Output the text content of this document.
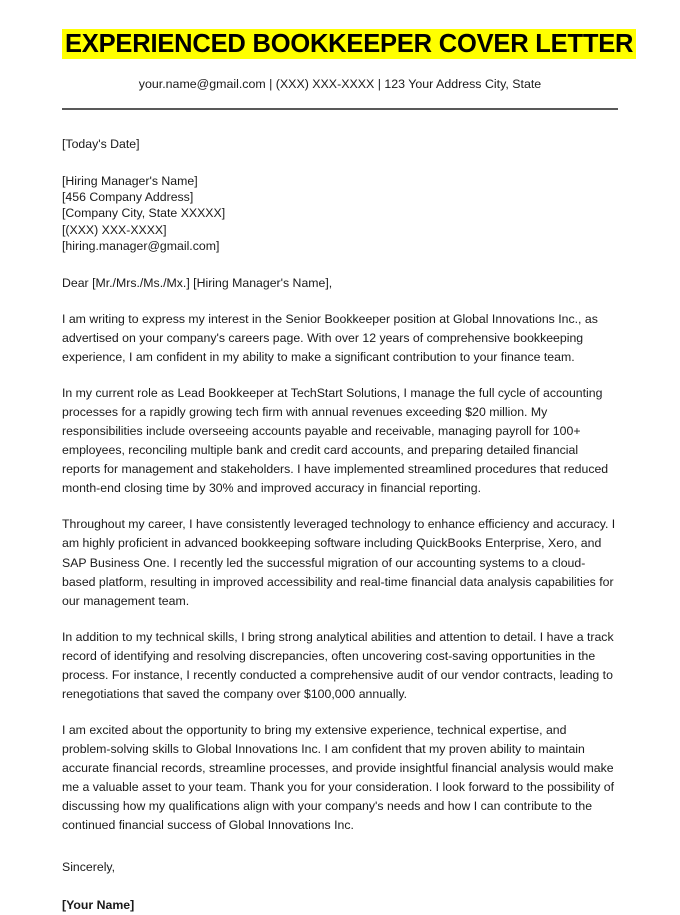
EXPERIENCED BOOKKEEPER COVER LETTER
your.name@gmail.com | (XXX) XXX-XXXX | 123 Your Address City, State

[Today's Date]

[Hiring Manager's Name]
[456 Company Address]
[Company City, State XXXXX]
[(XXX) XXX-XXXX]
[hiring.manager@gmail.com]

Dear [Mr./Mrs./Ms./Mx.] [Hiring Manager's Name],

I am writing to express my interest in the Senior Bookkeeper position at Global Innovations Inc., as advertised on your company's careers page. With over 12 years of comprehensive bookkeeping experience, I am confident in my ability to make a significant contribution to your finance team.

In my current role as Lead Bookkeeper at TechStart Solutions, I manage the full cycle of accounting processes for a rapidly growing tech firm with annual revenues exceeding $20 million. My responsibilities include overseeing accounts payable and receivable, managing payroll for 100+ employees, reconciling multiple bank and credit card accounts, and preparing detailed financial reports for management and stakeholders. I have implemented streamlined procedures that reduced month-end closing time by 30% and improved accuracy in financial reporting.

Throughout my career, I have consistently leveraged technology to enhance efficiency and accuracy. I am highly proficient in advanced bookkeeping software including QuickBooks Enterprise, Xero, and SAP Business One. I recently led the successful migration of our accounting systems to a cloud-based platform, resulting in improved accessibility and real-time financial data analysis capabilities for our management team.

In addition to my technical skills, I bring strong analytical abilities and attention to detail. I have a track record of identifying and resolving discrepancies, often uncovering cost-saving opportunities in the process. For instance, I recently conducted a comprehensive audit of our vendor contracts, leading to renegotiations that saved the company over $100,000 annually.

I am excited about the opportunity to bring my extensive experience, technical expertise, and problem-solving skills to Global Innovations Inc. I am confident that my proven ability to maintain accurate financial records, streamline processes, and provide insightful financial analysis would make me a valuable asset to your team. Thank you for your consideration. I look forward to the possibility of discussing how my qualifications align with your company's needs and how I can contribute to the continued financial success of Global Innovations Inc.

Sincerely,

[Your Name]
